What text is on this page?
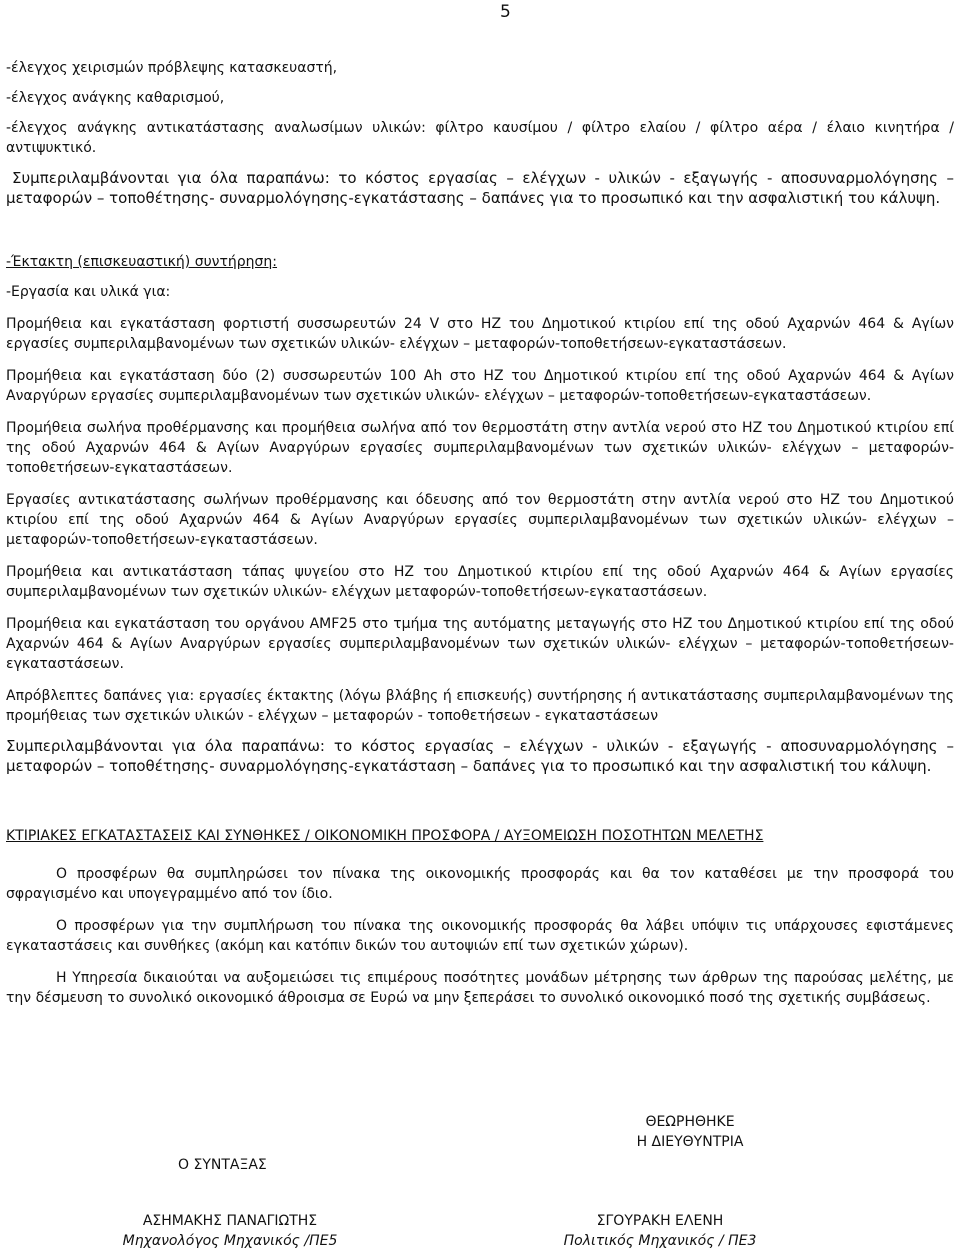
5

-έλεγχος χειρισμών πρόβλεψης κατασκευαστή,

-έλεγχος ανάγκης καθαρισμού,

-έλεγχος ανάγκης αντικατάστασης αναλωσίμων υλικών: φίλτρο καυσίμου / φίλτρο ελαίου / φίλτρο αέρα / έλαιο κινητήρα / αντιψυκτικό.

Συμπεριλαμβάνονται για όλα παραπάνω: το κόστος εργασίας – ελέγχων - υλικών - εξαγωγής - αποσυναρμολόγησης – μεταφορών – τοποθέτησης- συναρμολόγησης-εγκατάστασης – δαπάνες για το προσωπικό και την ασφαλιστική του κάλυψη.

-Έκτακτη (επισκευαστική) συντήρηση:

-Εργασία και υλικά για:

Προμήθεια και εγκατάσταση φορτιστή συσσωρευτών 24 V στο ΗΖ του Δημοτικού κτιρίου επί της οδού Αχαρνών 464 & Αγίων εργασίες συμπεριλαμβανομένων των σχετικών υλικών- ελέγχων – μεταφορών-τοποθετήσεων-εγκαταστάσεων.

Προμήθεια και εγκατάσταση δύο (2) συσσωρευτών 100 Ah στο ΗΖ του Δημοτικού κτιρίου επί της οδού Αχαρνών 464 & Αγίων Αναργύρων εργασίες συμπεριλαμβανομένων των σχετικών υλικών- ελέγχων – μεταφορών-τοποθετήσεων-εγκαταστάσεων.

Προμήθεια σωλήνα προθέρμανσης και προμήθεια σωλήνα από τον θερμοστάτη στην αντλία νερού στο ΗΖ του Δημοτικού κτιρίου επί της οδού Αχαρνών 464 & Αγίων Αναργύρων εργασίες συμπεριλαμβανομένων των σχετικών υλικών- ελέγχων – μεταφορών-τοποθετήσεων-εγκαταστάσεων.

Εργασίες αντικατάστασης σωλήνων προθέρμανσης και όδευσης από τον θερμοστάτη στην αντλία νερού στο ΗΖ του Δημοτικού κτιρίου επί της οδού Αχαρνών 464 & Αγίων Αναργύρων εργασίες συμπεριλαμβανομένων των σχετικών υλικών- ελέγχων – μεταφορών-τοποθετήσεων-εγκαταστάσεων.

Προμήθεια και αντικατάσταση τάπας ψυγείου στο ΗΖ του Δημοτικού κτιρίου επί της οδού Αχαρνών 464 & Αγίων εργασίες συμπεριλαμβανομένων των σχετικών υλικών- ελέγχων μεταφορών-τοποθετήσεων-εγκαταστάσεων.

Προμήθεια και εγκατάσταση του οργάνου AMF25 στο τμήμα της αυτόματης μεταγωγής στο ΗΖ του Δημοτικού κτιρίου επί της οδού Αχαρνών 464 & Αγίων Αναργύρων εργασίες συμπεριλαμβανομένων των σχετικών υλικών- ελέγχων – μεταφορών-τοποθετήσεων-εγκαταστάσεων.

Απρόβλεπτες δαπάνες για: εργασίες έκτακτης (λόγω βλάβης ή επισκευής) συντήρησης ή αντικατάστασης συμπεριλαμβανομένων της προμήθειας των σχετικών υλικών - ελέγχων – μεταφορών - τοποθετήσεων - εγκαταστάσεων

Συμπεριλαμβάνονται για όλα παραπάνω: το κόστος εργασίας – ελέγχων - υλικών - εξαγωγής - αποσυναρμολόγησης – μεταφορών – τοποθέτησης- συναρμολόγησης-εγκατάσταση – δαπάνες για το προσωπικό και την ασφαλιστική του κάλυψη.

ΚΤΙΡΙΑΚΕΣ ΕΓΚΑΤΑΣΤΑΣΕΙΣ ΚΑΙ ΣΥΝΘΗΚΕΣ / ΟΙΚΟΝΟΜΙΚΗ ΠΡΟΣΦΟΡΑ / ΑΥΞΟΜΕΙΩΣΗ ΠΟΣΟΤΗΤΩΝ ΜΕΛΕΤΗΣ

Ο προσφέρων θα συμπληρώσει τον πίνακα της οικονομικής προσφοράς και θα τον καταθέσει με την προσφορά του σφραγισμένο και υπογεγραμμένο από τον ίδιο.

Ο προσφέρων για την συμπλήρωση του πίνακα της οικονομικής προσφοράς θα λάβει υπόψιν τις υπάρχουσες εφιστάμενες εγκαταστάσεις και συνθήκες (ακόμη και κατόπιν δικών του αυτοψιών επί των σχετικών χώρων).

Η Υπηρεσία δικαιούται να αυξομειώσει τις επιμέρους ποσότητες μονάδων μέτρησης των άρθρων της παρούσας μελέτης, με την δέσμευση το συνολικό οικονομικό άθροισμα σε Ευρώ να μην ξεπεράσει το συνολικό οικονομικό ποσό της σχετικής συμβάσεως.

ΘΕΩΡΗΘΗΚΕ
Η ΔΙΕΥΘΥΝΤΡΙΑ
Ο ΣΥΝΤΑΞΑΣ
ΑΣΗΜΑΚΗΣ ΠΑΝΑΓΙΩΤΗΣ
Μηχανολόγος Μηχανικός /ΠΕ5
ΣΓΟΥΡΑΚΗ ΕΛΕΝΗ
Πολιτικός Μηχανικός / ΠΕ3
